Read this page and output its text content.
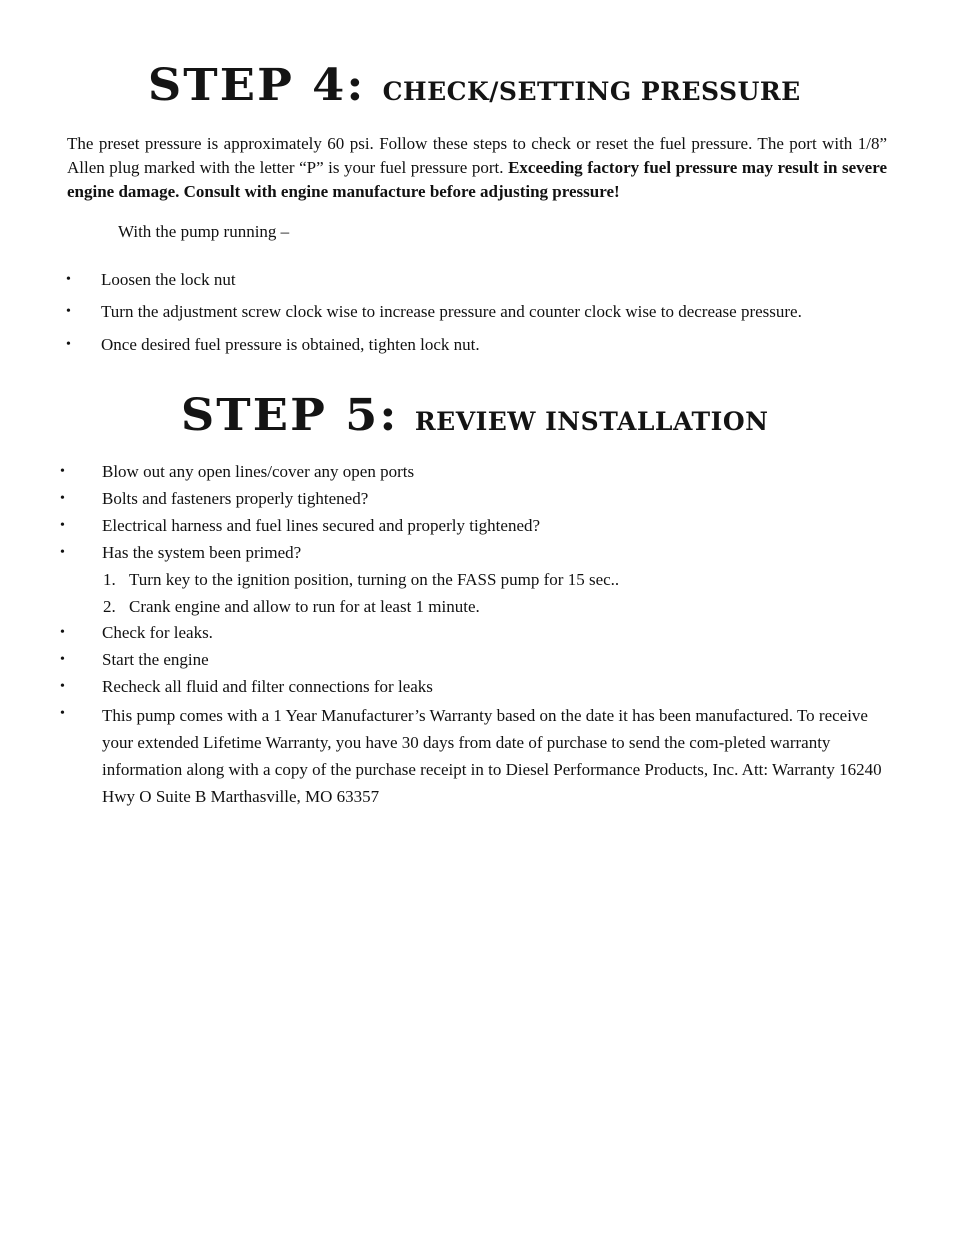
STEP 4: CHECK/SETTING PRESSURE
The preset pressure is approximately 60 psi. Follow these steps to check or reset the fuel pressure. The port with 1/8” Allen plug marked with the letter “P” is your fuel pressure port. Exceeding factory fuel pressure may result in severe engine damage. Consult with engine manufacture before adjusting pressure!
With the pump running –
• Loosen the lock nut
• Turn the adjustment screw clock wise to increase pressure and counter clock wise to decrease pressure.
• Once desired fuel pressure is obtained, tighten lock nut.
STEP 5: REVIEW INSTALLATION
• Blow out any open lines/cover any open ports
• Bolts and fasteners properly tightened?
• Electrical harness and fuel lines secured and properly tightened?
• Has the system been primed?
1. Turn key to the ignition position, turning on the FASS pump for 15 sec..
2. Crank engine and allow to run for at least 1 minute.
• Check for leaks.
• Start the engine
• Recheck all fluid and filter connections for leaks
• This pump comes with a 1 Year Manufacturer’s Warranty based on the date it has been manufactured. To receive your extended Lifetime Warranty, you have 30 days from date of purchase to send the com-pleted warranty information along with a copy of the purchase receipt in to Diesel Performance Products, Inc. Att: Warranty 16240 Hwy O Suite B Marthasville, MO 63357
